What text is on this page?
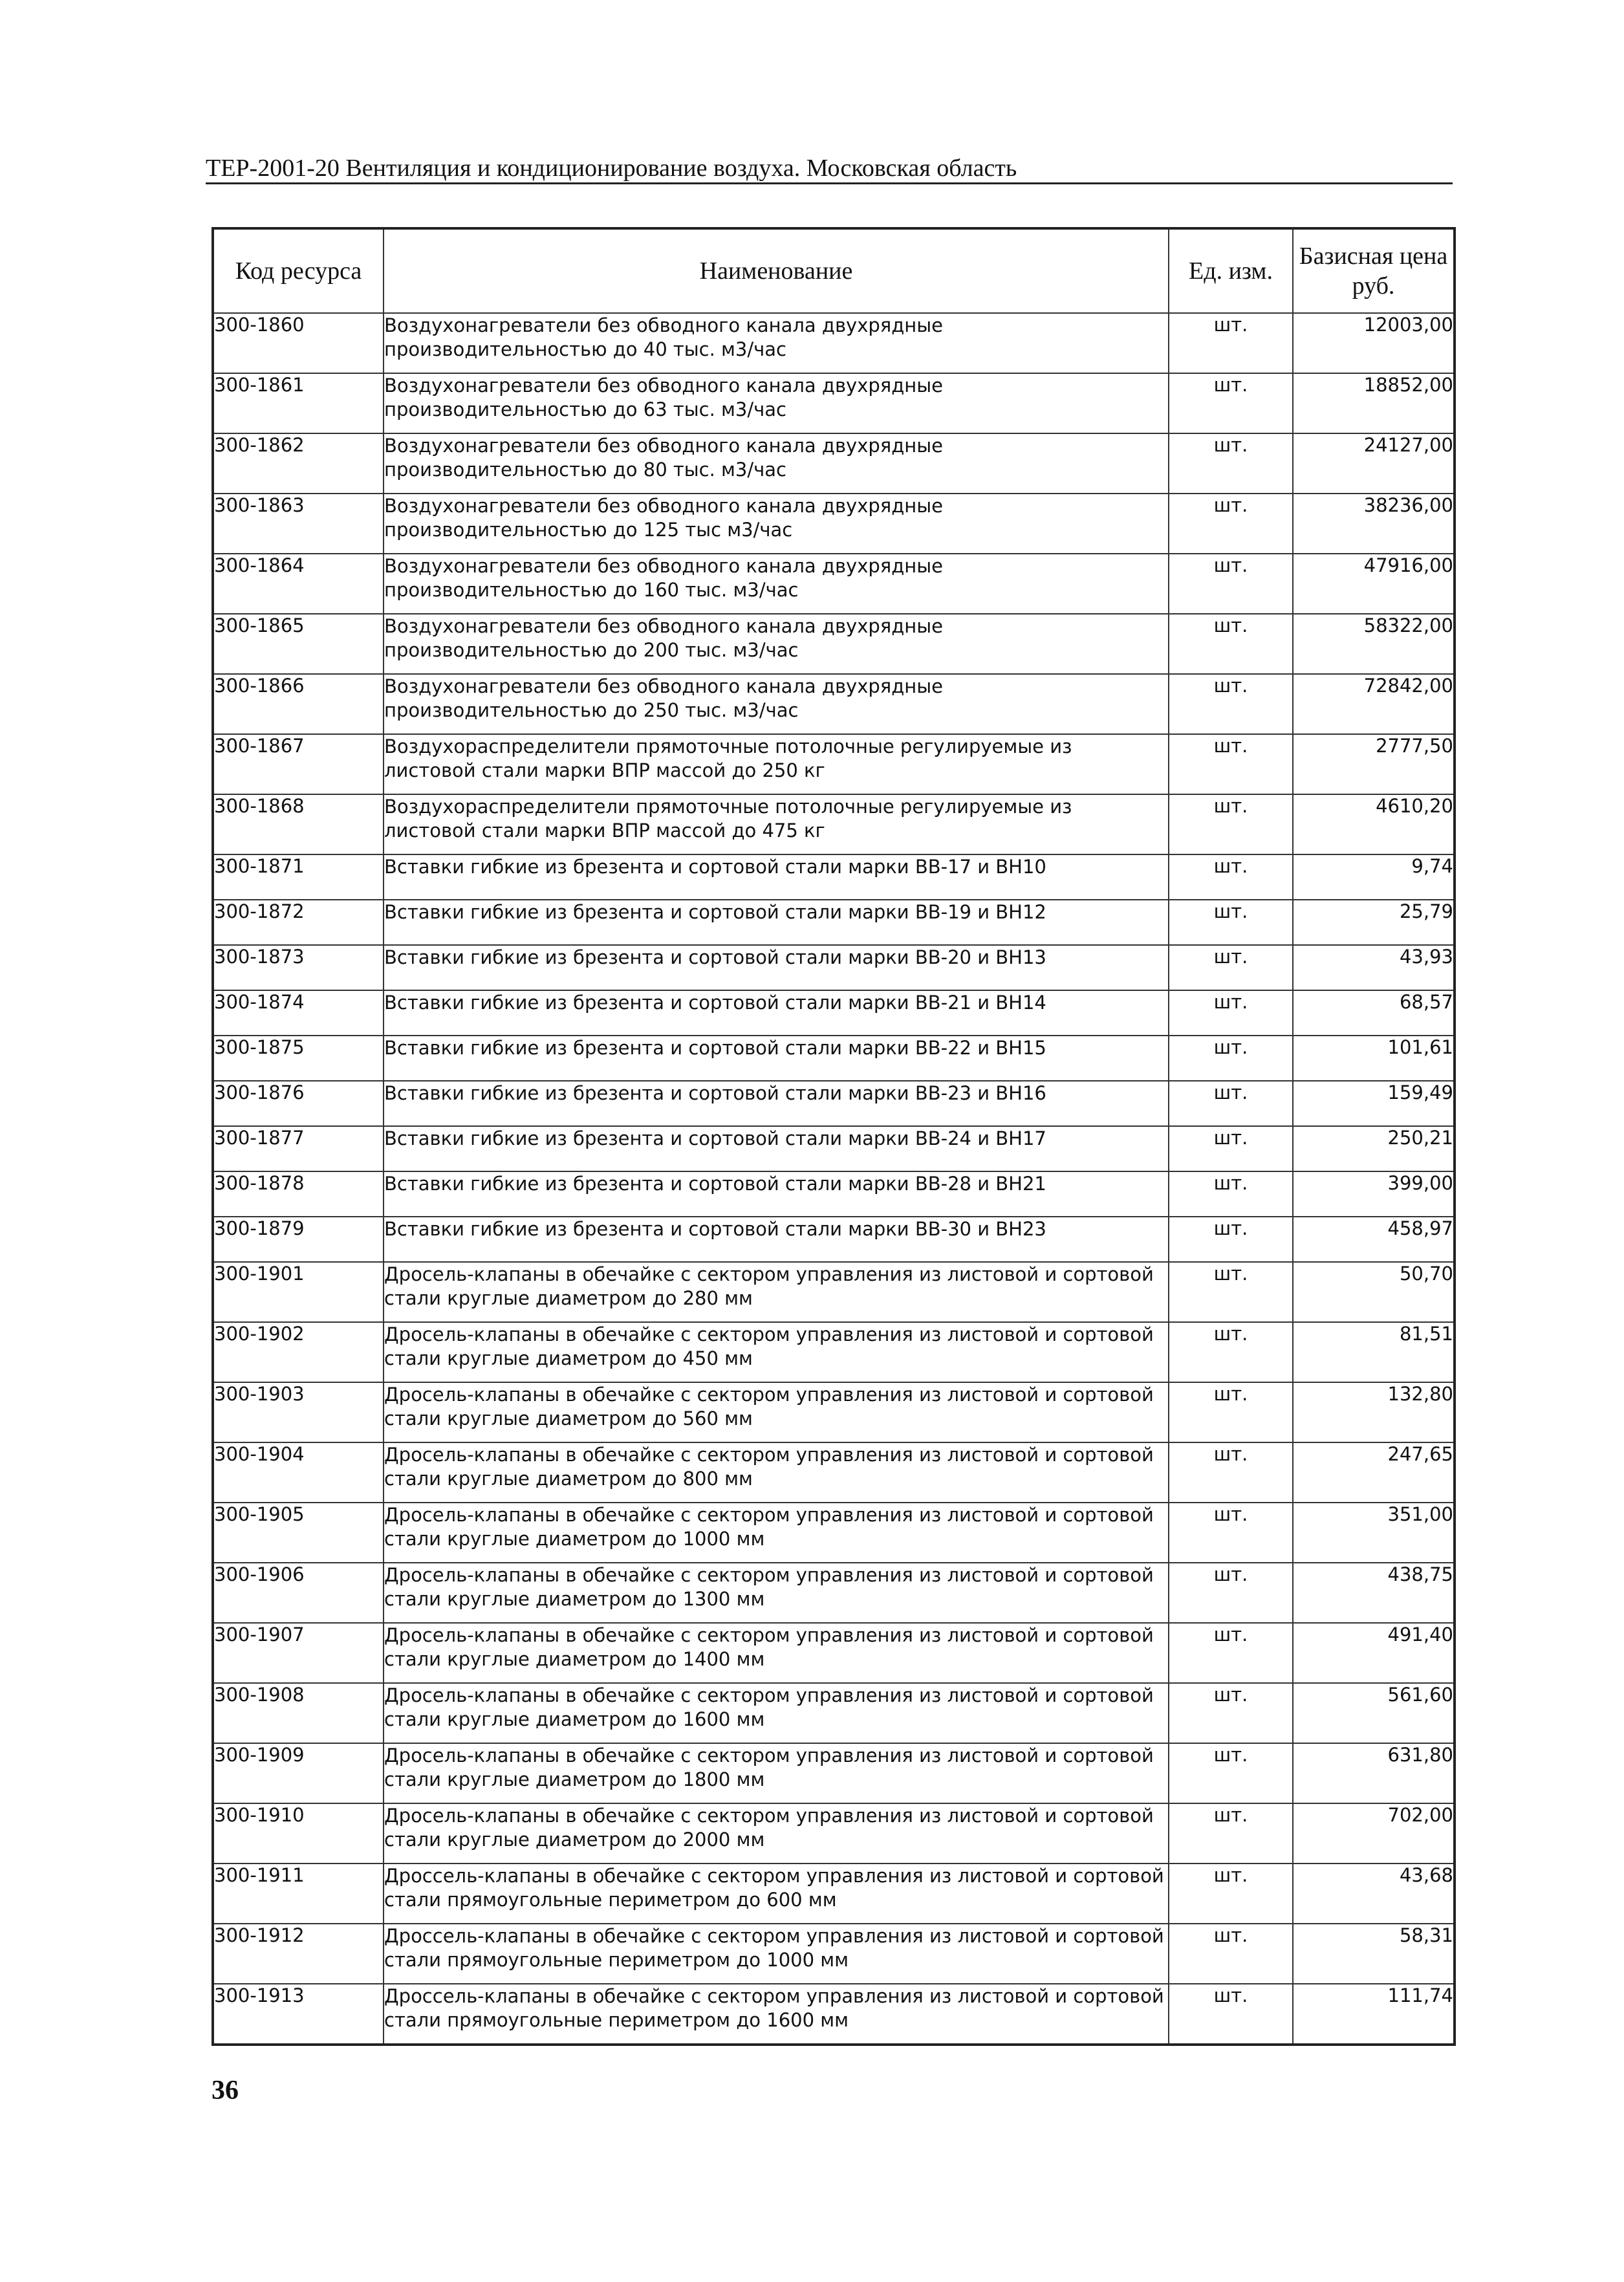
ТЕР-2001-20 Вентиляция и кондиционирование воздуха. Московская область
Код ресурса	Наименование	Ед. изм.	Базисная цена
руб.
300-1860	Воздухонагреватели без обводного канала двухрядные производительностью до 40 тыс. м3/час	шт.	12003,00
300-1861	Воздухонагреватели без обводного канала двухрядные производительностью до 63 тыс. м3/час	шт.	18852,00
300-1862	Воздухонагреватели без обводного канала двухрядные производительностью до 80 тыс. м3/час	шт.	24127,00
300-1863	Воздухонагреватели без обводного канала двухрядные производительностью до 125 тыс м3/час	шт.	38236,00
300-1864	Воздухонагреватели без обводного канала двухрядные производительностью до 160 тыс. м3/час	шт.	47916,00
300-1865	Воздухонагреватели без обводного канала двухрядные производительностью до 200 тыс. м3/час	шт.	58322,00
300-1866	Воздухонагреватели без обводного канала двухрядные производительностью до 250 тыс. м3/час	шт.	72842,00
300-1867	Воздухораспределители прямоточные потолочные регулируемые из листовой стали марки ВПР массой до 250 кг	шт.	2777,50
300-1868	Воздухораспределители прямоточные потолочные регулируемые из листовой стали марки ВПР массой до 475 кг	шт.	4610,20
300-1871	Вставки гибкие из брезента и сортовой стали марки ВВ-17 и ВН10	шт.	9,74
300-1872	Вставки гибкие из брезента и сортовой стали марки ВВ-19 и ВН12	шт.	25,79
300-1873	Вставки гибкие из брезента и сортовой стали марки ВВ-20 и ВН13	шт.	43,93
300-1874	Вставки гибкие из брезента и сортовой стали марки ВВ-21 и ВН14	шт.	68,57
300-1875	Вставки гибкие из брезента и сортовой стали марки ВВ-22 и ВН15	шт.	101,61
300-1876	Вставки гибкие из брезента и сортовой стали марки ВВ-23 и ВН16	шт.	159,49
300-1877	Вставки гибкие из брезента и сортовой стали марки ВВ-24 и ВН17	шт.	250,21
300-1878	Вставки гибкие из брезента и сортовой стали марки ВВ-28 и ВН21	шт.	399,00
300-1879	Вставки гибкие из брезента и сортовой стали марки ВВ-30 и ВН23	шт.	458,97
300-1901	Дросель-клапаны в обечайке с сектором управления из листовой и сортовой стали круглые диаметром до 280 мм	шт.	50,70
300-1902	Дросель-клапаны в обечайке с сектором управления из листовой и сортовой стали круглые диаметром до 450 мм	шт.	81,51
300-1903	Дросель-клапаны в обечайке с сектором управления из листовой и сортовой стали круглые диаметром до 560 мм	шт.	132,80
300-1904	Дросель-клапаны в обечайке с сектором управления из листовой и сортовой стали круглые диаметром до 800 мм	шт.	247,65
300-1905	Дросель-клапаны в обечайке с сектором управления из листовой и сортовой стали круглые диаметром до 1000 мм	шт.	351,00
300-1906	Дросель-клапаны в обечайке с сектором управления из листовой и сортовой стали круглые диаметром до 1300 мм	шт.	438,75
300-1907	Дросель-клапаны в обечайке с сектором управления из листовой и сортовой стали круглые диаметром до 1400 мм	шт.	491,40
300-1908	Дросель-клапаны в обечайке с сектором управления из листовой и сортовой стали круглые диаметром до 1600 мм	шт.	561,60
300-1909	Дросель-клапаны в обечайке с сектором управления из листовой и сортовой стали круглые диаметром до 1800 мм	шт.	631,80
300-1910	Дросель-клапаны в обечайке с сектором управления из листовой и сортовой стали круглые диаметром до 2000 мм	шт.	702,00
300-1911	Дроссель-клапаны в обечайке с сектором управления из листовой и сортовой стали прямоугольные периметром до 600 мм	шт.	43,68
300-1912	Дроссель-клапаны в обечайке с сектором управления из листовой и сортовой стали прямоугольные периметром до 1000 мм	шт.	58,31
300-1913	Дроссель-клапаны в обечайке с сектором управления из листовой и сортовой стали прямоугольные периметром до 1600 мм	шт.	111,74
36
